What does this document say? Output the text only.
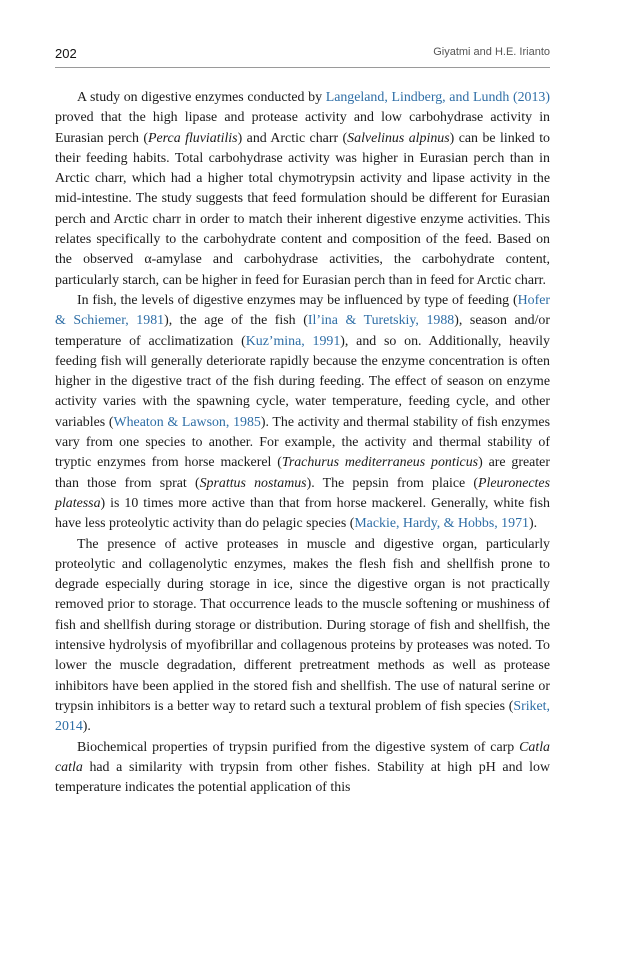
202	Giyatmi and H.E. Irianto

A study on digestive enzymes conducted by Langeland, Lindberg, and Lundh (2013) proved that the high lipase and protease activity and low carbohydrase activity in Eurasian perch (Perca fluviatilis) and Arctic charr (Salvelinus alpinus) can be linked to their feeding habits. Total carbohydrase activity was higher in Eurasian perch than in Arctic charr, which had a higher total chymotrypsin activity and lipase activity in the mid-intestine. The study suggests that feed formulation should be different for Eurasian perch and Arctic charr in order to match their inherent digestive enzyme activities. This relates specifically to the carbohydrate content and composition of the feed. Based on the observed α-amylase and carbohydrase activities, the carbohydrate content, particularly starch, can be higher in feed for Eurasian perch than in feed for Arctic charr.

In fish, the levels of digestive enzymes may be influenced by type of feeding (Hofer & Schiemer, 1981), the age of the fish (Il’ina & Turetskiy, 1988), season and/or temperature of acclimatization (Kuz’mina, 1991), and so on. Additionally, heavily feeding fish will generally deteriorate rapidly because the enzyme concentration is often higher in the digestive tract of the fish during feeding. The effect of season on enzyme activity varies with the spawning cycle, water temperature, feeding cycle, and other variables (Wheaton & Lawson, 1985). The activity and thermal stability of fish enzymes vary from one species to another. For example, the activity and thermal stability of tryptic enzymes from horse mackerel (Trachurus mediterraneus ponticus) are greater than those from sprat (Sprattus nostamus). The pepsin from plaice (Pleuronectes platessa) is 10 times more active than that from horse mackerel. Generally, white fish have less proteolytic activity than do pelagic species (Mackie, Hardy, & Hobbs, 1971).

The presence of active proteases in muscle and digestive organ, particularly proteolytic and collagenolytic enzymes, makes the flesh fish and shellfish prone to degrade especially during storage in ice, since the digestive organ is not practically removed prior to storage. That occurrence leads to the muscle softening or mushiness of fish and shellfish during storage or distribution. During storage of fish and shellfish, the intensive hydrolysis of myofibrillar and collagenous proteins by proteases was noted. To lower the muscle degradation, different pretreatment methods as well as protease inhibitors have been applied in the stored fish and shellfish. The use of natural serine or trypsin inhibitors is a better way to retard such a textural problem of fish species (Sriket, 2014).

Biochemical properties of trypsin purified from the digestive system of carp Catla catla had a similarity with trypsin from other fishes. Stability at high pH and low temperature indicates the potential application of this
